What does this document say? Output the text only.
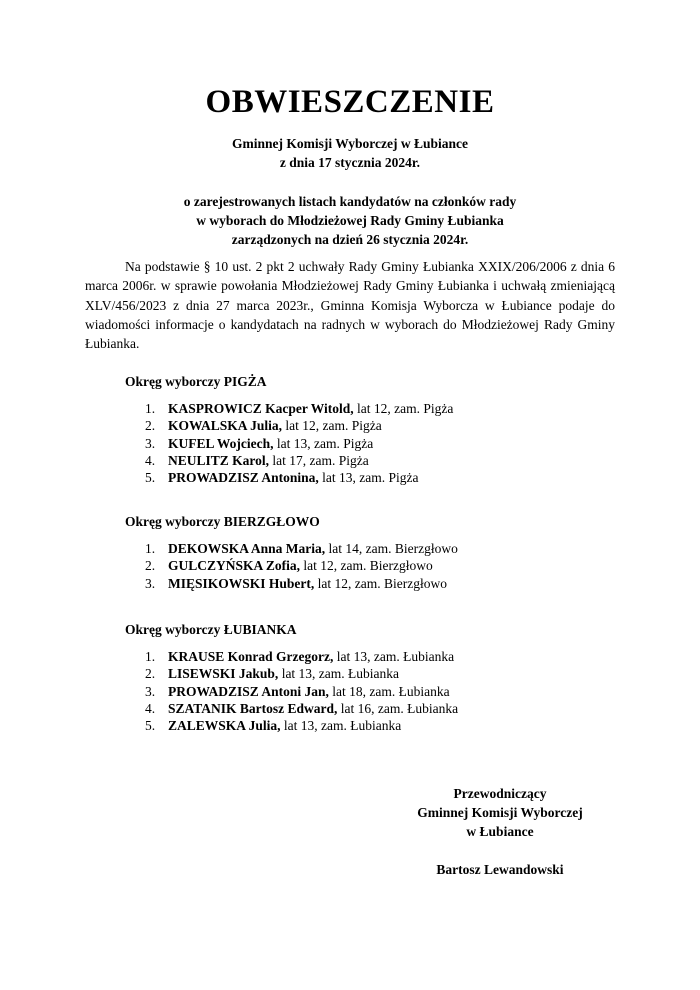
OBWIESZCZENIE
Gminnej Komisji Wyborczej w Łubiance
z dnia 17 stycznia 2024r.
o zarejestrowanych listach kandydatów na członków rady
w wyborach do Młodzieżowej Rady Gminy Łubianka
zarządzonych na dzień 26 stycznia 2024r.
Na podstawie § 10 ust. 2 pkt 2 uchwały Rady Gminy Łubianka XXIX/206/2006 z dnia 6 marca 2006r. w sprawie powołania Młodzieżowej Rady Gminy Łubianka i uchwałą zmieniającą XLV/456/2023 z dnia 27 marca 2023r., Gminna Komisja Wyborcza w Łubiance podaje do wiadomości informacje o kandydatach na radnych w wyborach do Młodzieżowej Rady Gminy Łubianka.
Okręg wyborczy PIGŻA
KASPROWICZ Kacper Witold, lat 12, zam. Pigża
KOWALSKA Julia, lat 12, zam. Pigża
KUFEL Wojciech, lat 13, zam. Pigża
NEULITZ Karol, lat 17, zam. Pigża
PROWADZISZ Antonina, lat 13, zam. Pigża
Okręg wyborczy BIERZGŁOWO
DEKOWSKA Anna Maria, lat 14, zam. Bierzgłowo
GULCZYŃSKA Zofia, lat 12, zam. Bierzgłowo
MIĘSIKOWSKI Hubert, lat 12, zam. Bierzgłowo
Okręg wyborczy ŁUBIANKA
KRAUSE Konrad Grzegorz, lat 13, zam. Łubianka
LISEWSKI Jakub, lat 13, zam. Łubianka
PROWADZISZ Antoni Jan, lat 18, zam. Łubianka
SZATANIK Bartosz Edward, lat 16, zam. Łubianka
ZALEWSKA Julia, lat 13, zam. Łubianka
Przewodniczący
Gminnej Komisji Wyborczej
w Łubiance
Bartosz Lewandowski
